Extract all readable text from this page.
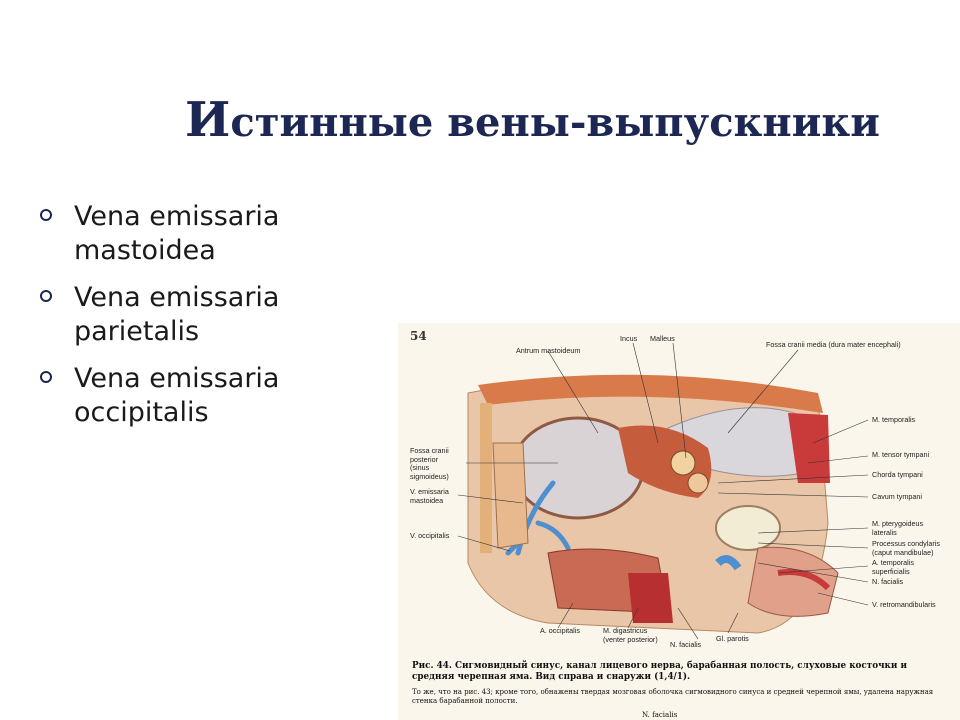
Истинные вены-выпускники
Vena emissaria mastoidea
Vena emissaria parietalis
Vena emissaria occipitalis
54
Antrum mastoideum
Incus Malleus
Fossa cranii media (dura mater encephali)
Fossa cranii
posterior
(sinus
sigmoideus)
V. emissaria
mastoidea
V. occipitalis
M. temporalis
M. tensor tympani
Chorda tympani
Cavum tympani
M. pterygoideus
lateralis
Processus condylaris
(caput mandibulae)
A. temporalis
superficialis
N. facialis
V. retromandibularis
A. occipitalis	M. digastricus
(venter posterior)
N. facialis
Gl. parotis
Рис. 44. Сигмовидный синус, канал лицевого нерва, барабанная полость, слуховые косточки и средняя черепная яма. Вид справа и снаружи (1,4/1).
То же, что на рис. 43; кроме того, обнажены твердая мозговая оболочка сигмовидного синуса и средней черепной ямы, удалена наружная стенка барабанной полости.
N. facialis
